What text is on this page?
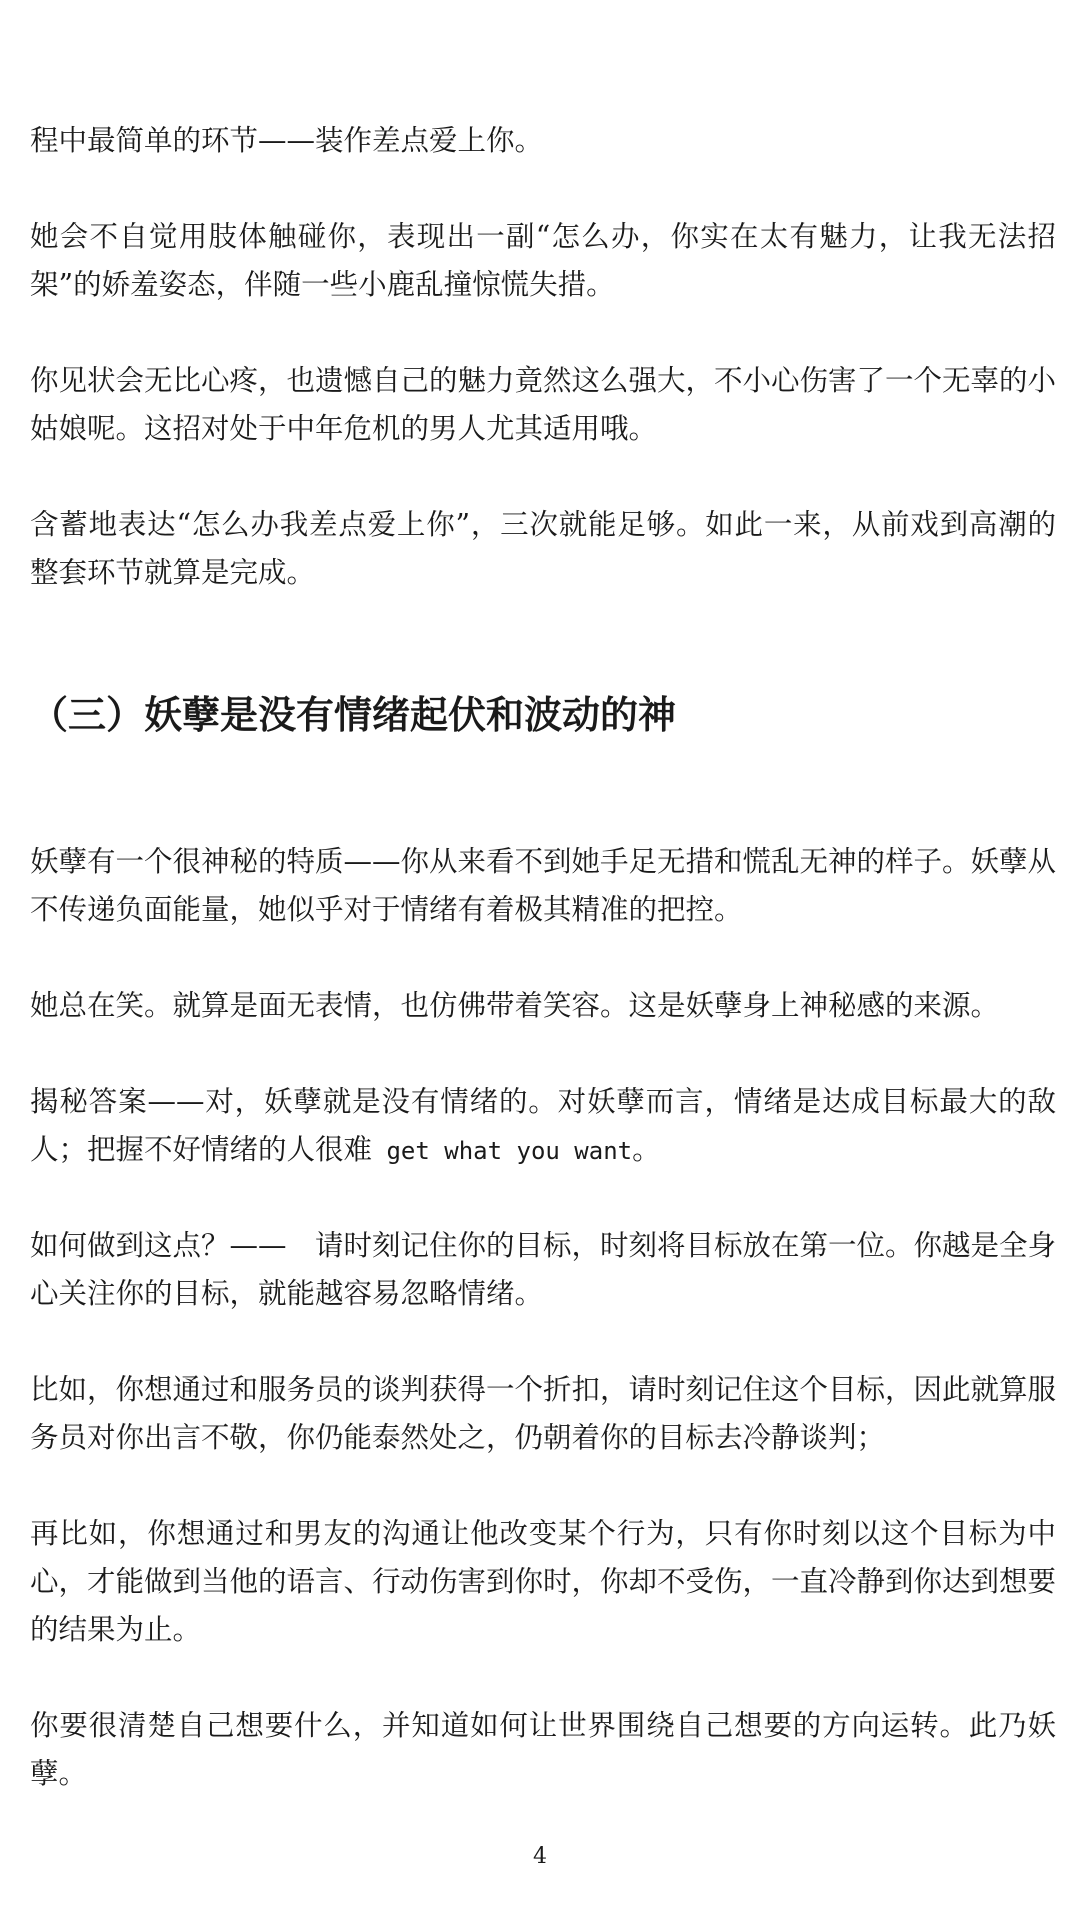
程中最简单的环节——装作差点爱上你。

她会不自觉用肢体触碰你，表现出一副“怎么办，你实在太有魅力，让我无法招架”的娇羞姿态，伴随一些小鹿乱撞惊慌失措。

你见状会无比心疼，也遗憾自己的魅力竟然这么强大，不小心伤害了一个无辜的小姑娘呢。这招对处于中年危机的男人尤其适用哦。

含蓄地表达“怎么办我差点爱上你”，三次就能足够。如此一来，从前戏到高潮的整套环节就算是完成。

（三）妖孽是没有情绪起伏和波动的神

妖孽有一个很神秘的特质——你从来看不到她手足无措和慌乱无神的样子。妖孽从不传递负面能量，她似乎对于情绪有着极其精准的把控。

她总在笑。就算是面无表情，也仿佛带着笑容。这是妖孽身上神秘感的来源。

揭秘答案——对，妖孽就是没有情绪的。对妖孽而言，情绪是达成目标最大的敌人；把握不好情绪的人很难 get what you want。

如何做到这点？——　请时刻记住你的目标，时刻将目标放在第一位。你越是全身心关注你的目标，就能越容易忽略情绪。

比如，你想通过和服务员的谈判获得一个折扣，请时刻记住这个目标，因此就算服务员对你出言不敬，你仍能泰然处之，仍朝着你的目标去冷静谈判；

再比如，你想通过和男友的沟通让他改变某个行为，只有你时刻以这个目标为中心，才能做到当他的语言、行动伤害到你时，你却不受伤，一直冷静到你达到想要的结果为止。

你要很清楚自己想要什么，并知道如何让世界围绕自己想要的方向运转。此乃妖孽。

4
